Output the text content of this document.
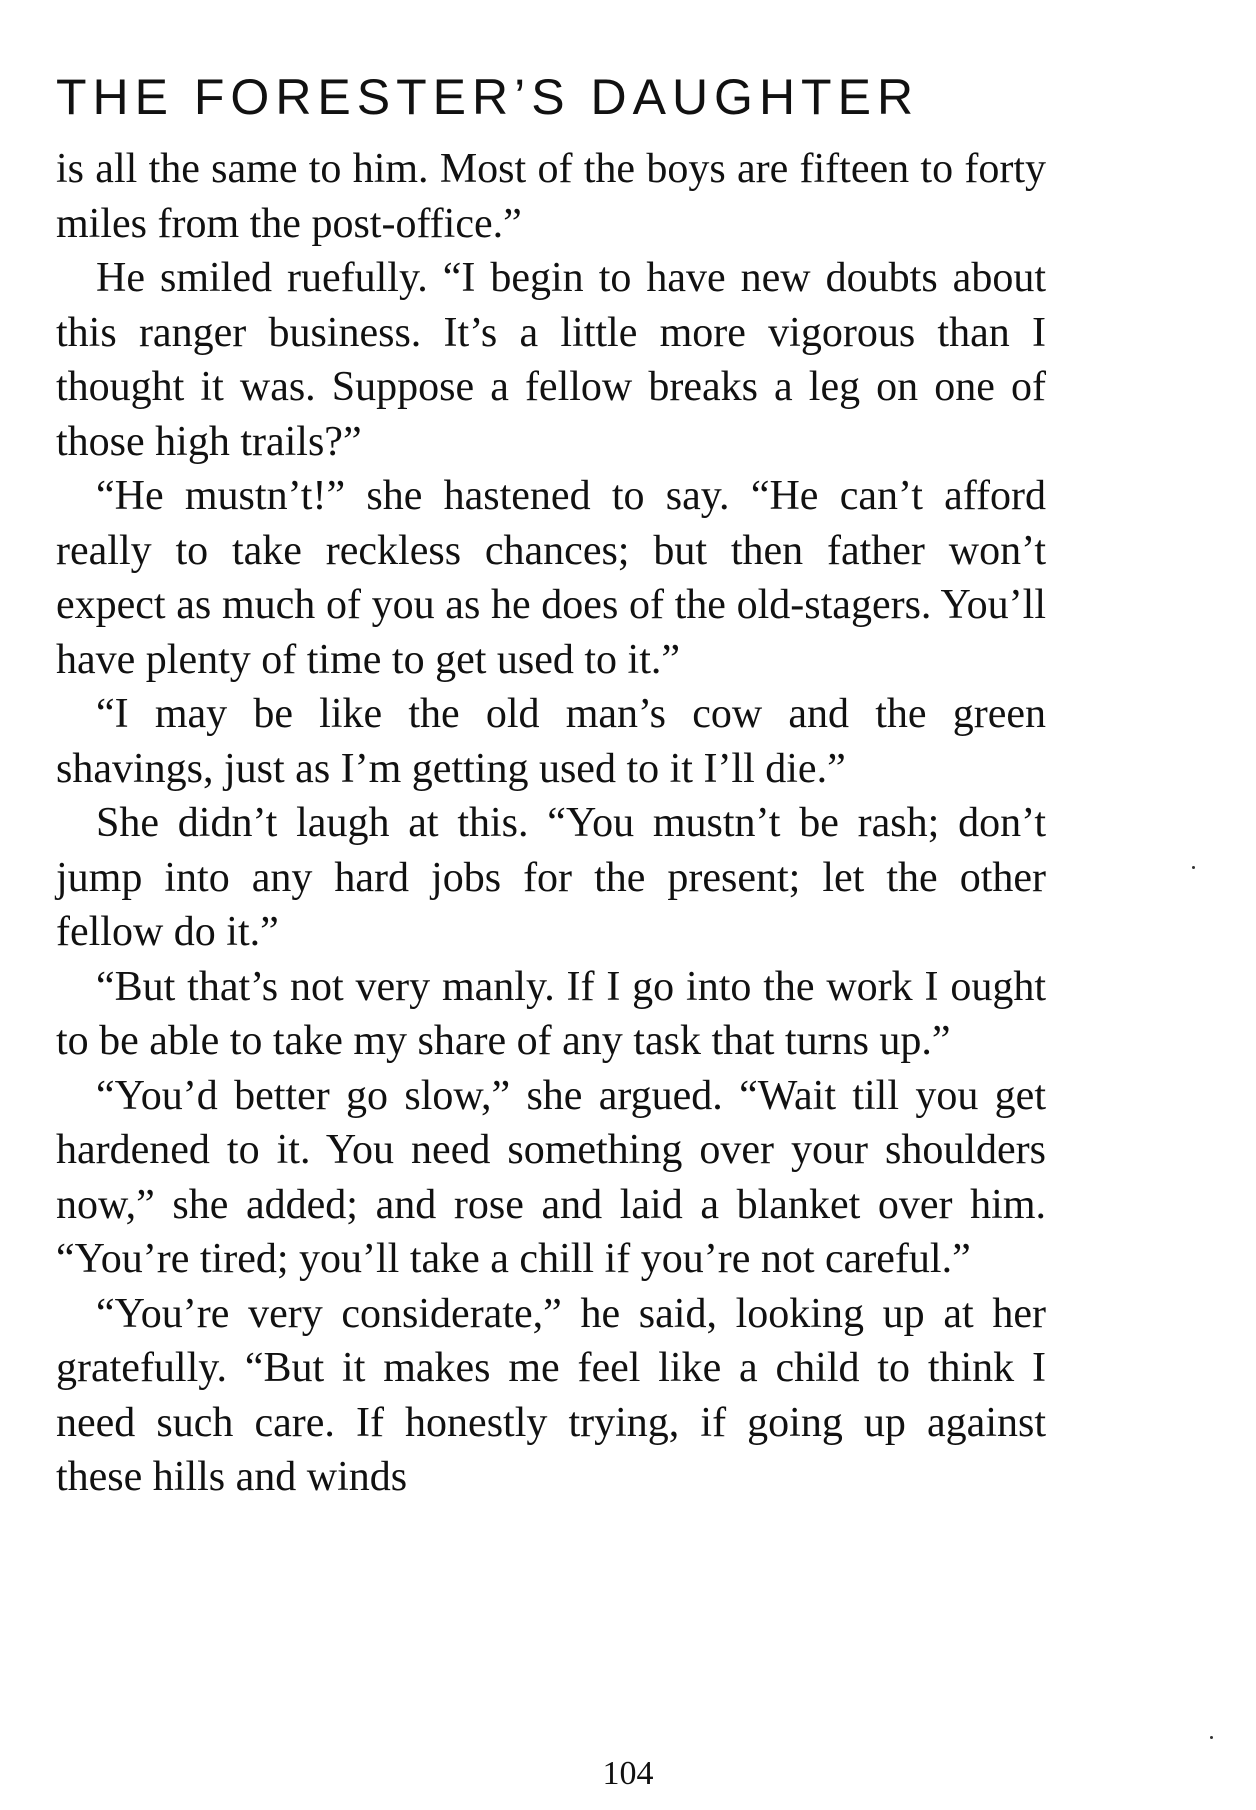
THE FORESTER’S DAUGHTER

is all the same to him. Most of the boys are fifteen to forty miles from the post-office.”

He smiled ruefully. “I begin to have new doubts about this ranger business. It’s a little more vigorous than I thought it was. Suppose a fellow breaks a leg on one of those high trails?”

“He mustn’t!” she hastened to say. “He can’t afford really to take reckless chances; but then father won’t expect as much of you as he does of the old-stagers. You’ll have plenty of time to get used to it.”

“I may be like the old man’s cow and the green shavings, just as I’m getting used to it I’ll die.”

She didn’t laugh at this. “You mustn’t be rash; don’t jump into any hard jobs for the present; let the other fellow do it.”

“But that’s not very manly. If I go into the work I ought to be able to take my share of any task that turns up.”

“You’d better go slow,” she argued. “Wait till you get hardened to it. You need something over your shoulders now,” she added; and rose and laid a blanket over him. “You’re tired; you’ll take a chill if you’re not careful.”

“You’re very considerate,” he said, looking up at her gratefully. “But it makes me feel like a child to think I need such care. If honestly trying, if going up against these hills and winds

104
